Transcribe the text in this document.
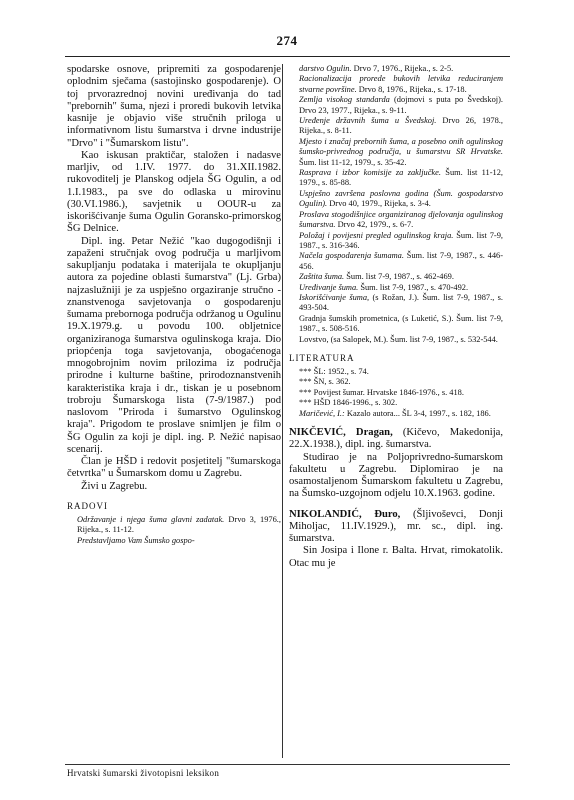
274

spodarske osnove, pripremiti za gospodarenje oplodnim sječama (sastojinsko gospodarenje). O toj prvorazrednoj novini uređivanja do tad "prebornih" šuma, njezi i proredi bukovih letvika kasnije je objavio više stručnih priloga u informativnom listu šumarstva i drvne industrije "Drvo" i "Šumarskom listu".

Kao iskusan praktičar, staložen i nadasve marljiv, od 1.IV. 1977. do 31.XII.1982. rukovoditelj je Planskog odjela ŠG Ogulin, a od 1.I.1983., pa sve do odlaska u mirovinu (30.VI.1986.), savjetnik u OOUR-u za iskorišćivanje šuma Ogulin Goransko-primorskog ŠG Delnice.

Dipl. ing. Petar Nežić "kao dugogodišnji i zapaženi stručnjak ovog područja u marljivom sakupljanju podataka i materijala te okupljanju autora za pojedine oblasti šumarstva" (Lj. Grba) najzaslužniji je za uspješno orgaziranje stručno - znanstvenoga savjetovanja o gospodarenju šumama prebornoga područja održanog u Ogulinu 19.X.1979.g. u povodu 100. obljetnice organiziranoga šumarstva ogulinskoga kraja. Dio priopćenja toga savjetovanja, obogaćenoga mnogobrojnim novim prilozima iz područja prirodne i kulturne baštine, prirodoznanstvenih karakteristika kraja i dr., tiskan je u posebnom trobroju Šumarskoga lista (7-9/1987.) pod naslovom "Priroda i šumarstvo Ogulinskog kraja". Prigodom te proslave snimljen je film o ŠG Ogulin za koji je dipl. ing. P. Nežić napisao scenarij.

Član je HŠD i redovit posjetitelj "šumarskoga četvrtka" u Šumarskom domu u Zagrebu.

Živi u Zagrebu.

RADOVI

Održavanje i njega šuma glavni zadatak. Drvo 3, 1976., Rijeka., s. 11-12.

Predstavljamo Vam Šumsko gospo-

darstvo Ogulin. Drvo 7, 1976., Rijeka., s. 2-5.

Racionalizacija prorede bukovih letvika reduciranjem stvarne površine. Drvo 8, 1976., Rijeka., s. 17-18.

Zemlja visokog standarda (dojmovi s puta po Švedskoj). Drvo 23, 1977., Rijeka., s. 9-11.

Uređenje državnih šuma u Švedskoj. Drvo 26, 1978., Rijeka., s. 8-11.

Mjesto i značaj prebornih šuma, a posebno onih ogulinskog šumsko-privrednog područja, u šumarstvu SR Hrvatske. Šum. list 11-12, 1979., s. 35-42.

Rasprava i izbor komisije za zaključke. Šum. list 11-12, 1979., s. 85-88.

Uspješno završena poslovna godina (Šum. gospodarstvo Ogulin). Drvo 40, 1979., Rijeka, s. 3-4.

Proslava stogodišnjice organiziranog djelovanja ogulinskog šumarstva. Drvo 42, 1979., s. 6-7.

Položaj i povijesni pregled ogulinskog kraja. Šum. list 7-9, 1987., s. 316-346.

Načela gospodarenja šumama. Šum. list 7-9, 1987., s. 446-456.

Zaštita šuma. Šum. list 7-9, 1987., s. 462-469.

Uređivanje šuma. Šum. list 7-9, 1987., s. 470-492.

Iskorišćivanje šuma, (s Rožan, J.). Šum. list 7-9, 1987., s. 493-504.

Gradnja šumskih prometnica, (s Luketić, S.). Šum. list 7-9, 1987., s. 508-516.

Lovstvo, (sa Salopek, M.). Šum. list 7-9, 1987., s. 532-544.

LITERATURA

*** ŠL: 1952., s. 74.

*** ŠN, s. 362.

*** Povijest šumar. Hrvatske 1846-1976., s. 418.

*** HŠD 1846-1996., s. 302.

Maričević, I.: Kazalo autora... ŠL 3-4, 1997., s. 182, 186.

NIKČEVIĆ, Dragan, (Kičevo, Makedonija, 22.X.1938.), dipl. ing. šumarstva.

Studirao je na Poljoprivredno-šumarskom fakultetu u Zagrebu. Diplomirao je na osamostaljenom Šumarskom fakultetu u Zagrebu, na Šumsko-uzgojnom odjelu 10.X.1963. godine.

NIKOLANDIĆ, Đuro, (Šljivoševci, Donji Miholjac, 11.IV.1929.), mr. sc., dipl. ing. šumarstva.

Sin Josipa i Ilone r. Balta. Hrvat, rimokatolik. Otac mu je

Hrvatski šumarski životopisni leksikon
